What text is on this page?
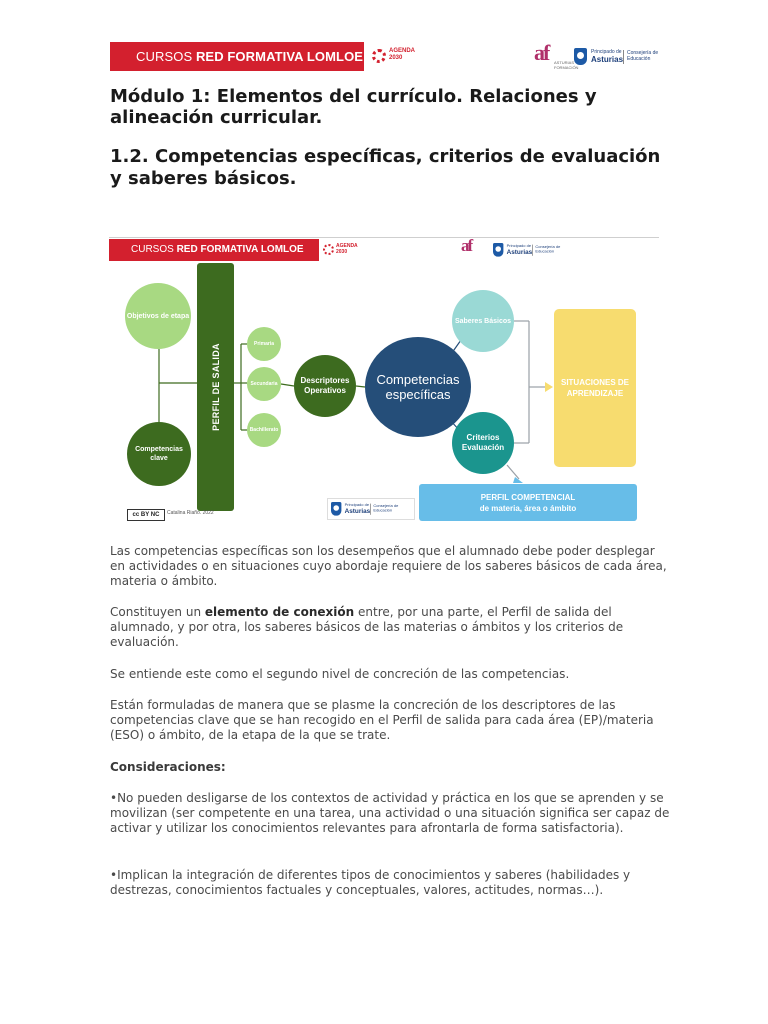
CURSOS RED FORMATIVA LOMLOE	AGENDA 2030	af ASTURIAS FORMACIÓN
Principado de
Asturias
Consejería de Educación
Módulo 1: Elementos del currículo. Relaciones y alineación curricular.
1.2. Competencias específicas, criterios de evaluación y saberes básicos.
CURSOS RED FORMATIVA LOMLOE	AGENDA 2030	af	Principado de
Asturias
Consejería de Educación
PERFIL DE SALIDA
Objetivos de etapa
Competencias clave
Primaria
Secundaria
Bachillerato
Descriptores Operativos
Competencias específicas
Saberes Básicos
Criterios Evaluación
SITUACIONES DE APRENDIZAJE
PERFIL COMPETENCIAL
de materia, área o ámbito
Principado de
Asturias
Consejería de Educación
cc BY NC	Catalina Riaño. 2022

Las competencias específicas son los desempeños que el alumnado debe poder desplegar en actividades o en situaciones cuyo abordaje requiere de los saberes básicos de cada área, materia o ámbito.

Constituyen un elemento de conexión entre, por una parte, el Perfil de salida del alumnado, y por otra, los saberes básicos de las materias o ámbitos y los criterios de evaluación.

Se entiende este como el segundo nivel de concreción de las competencias.

Están formuladas de manera que se plasme la concreción de los descriptores de las competencias clave que se han recogido en el Perfil de salida para cada área (EP)/materia (ESO) o ámbito, de la etapa de la que se trate.

Consideraciones:

•No pueden desligarse de los contextos de actividad y práctica en los que se aprenden y se movilizan (ser competente en una tarea, una actividad o una situación significa ser capaz de activar y utilizar los conocimientos relevantes para afrontarla de forma satisfactoria).

•Implican la integración de diferentes tipos de conocimientos y saberes (habilidades y destrezas, conocimientos factuales y conceptuales, valores, actitudes, normas…).
